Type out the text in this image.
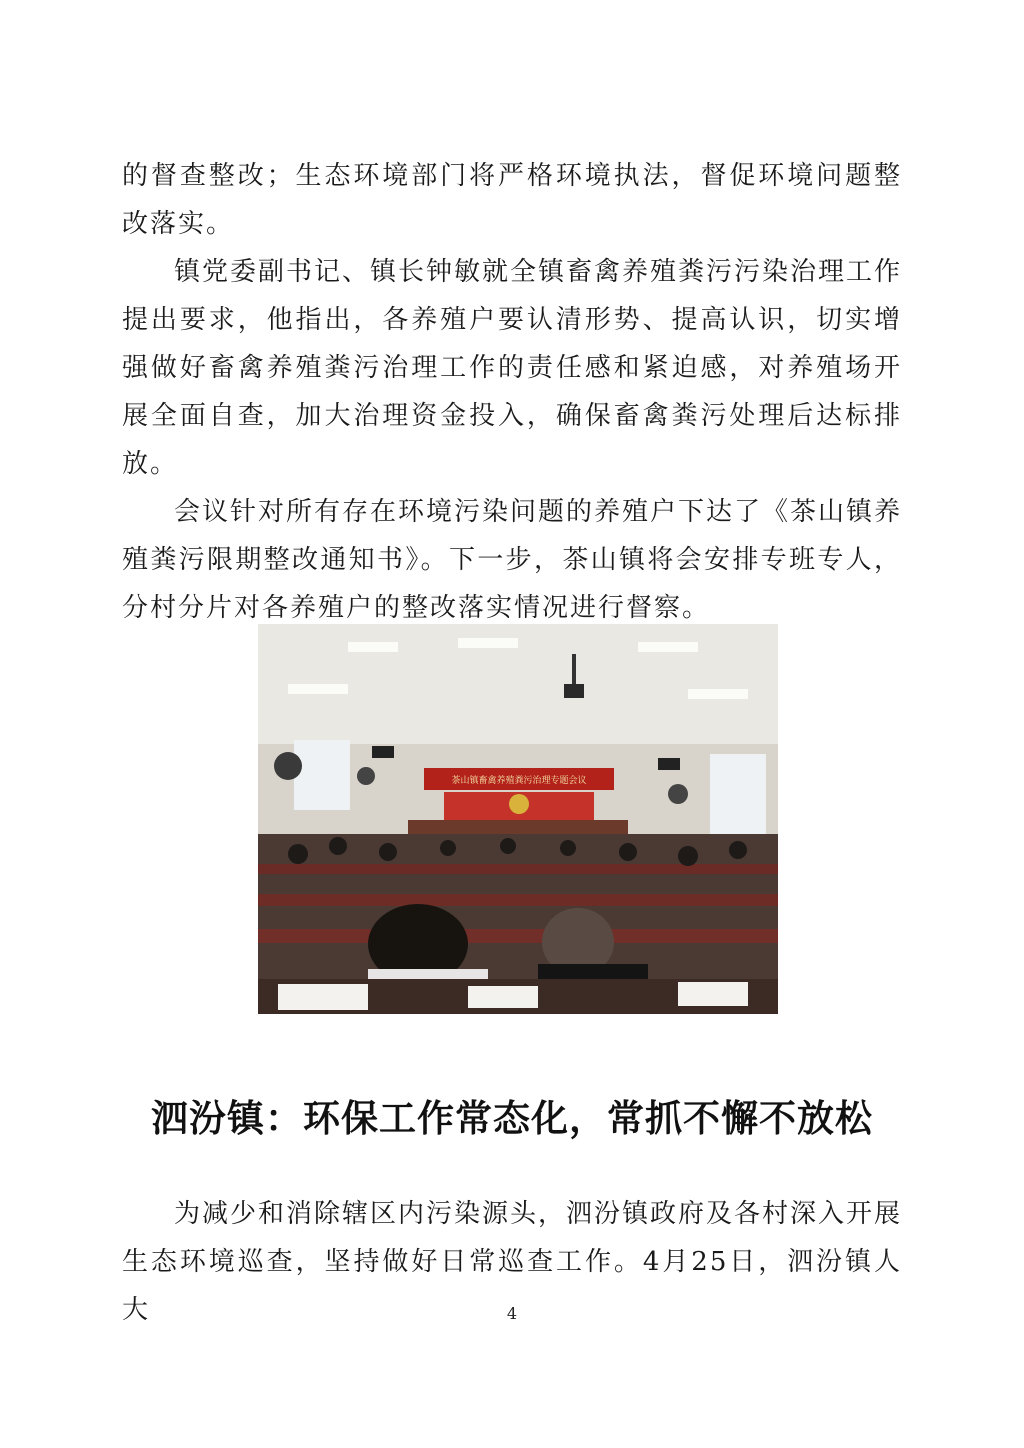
的督查整改；生态环境部门将严格环境执法，督促环境问题整改落实。

镇党委副书记、镇长钟敏就全镇畜禽养殖粪污污染治理工作提出要求，他指出，各养殖户要认清形势、提高认识，切实增强做好畜禽养殖粪污治理工作的责任感和紧迫感，对养殖场开展全面自查，加大治理资金投入，确保畜禽粪污处理后达标排放。

会议针对所有存在环境污染问题的养殖户下达了《茶山镇养殖粪污限期整改通知书》。下一步，茶山镇将会安排专班专人，分村分片对各养殖户的整改落实情况进行督察。

茶山镇畜禽养殖粪污治理专题会议
泗汾镇：环保工作常态化，常抓不懈不放松

为减少和消除辖区内污染源头，泗汾镇政府及各村深入开展生态环境巡查，坚持做好日常巡查工作。4月25日，泗汾镇人大	4
